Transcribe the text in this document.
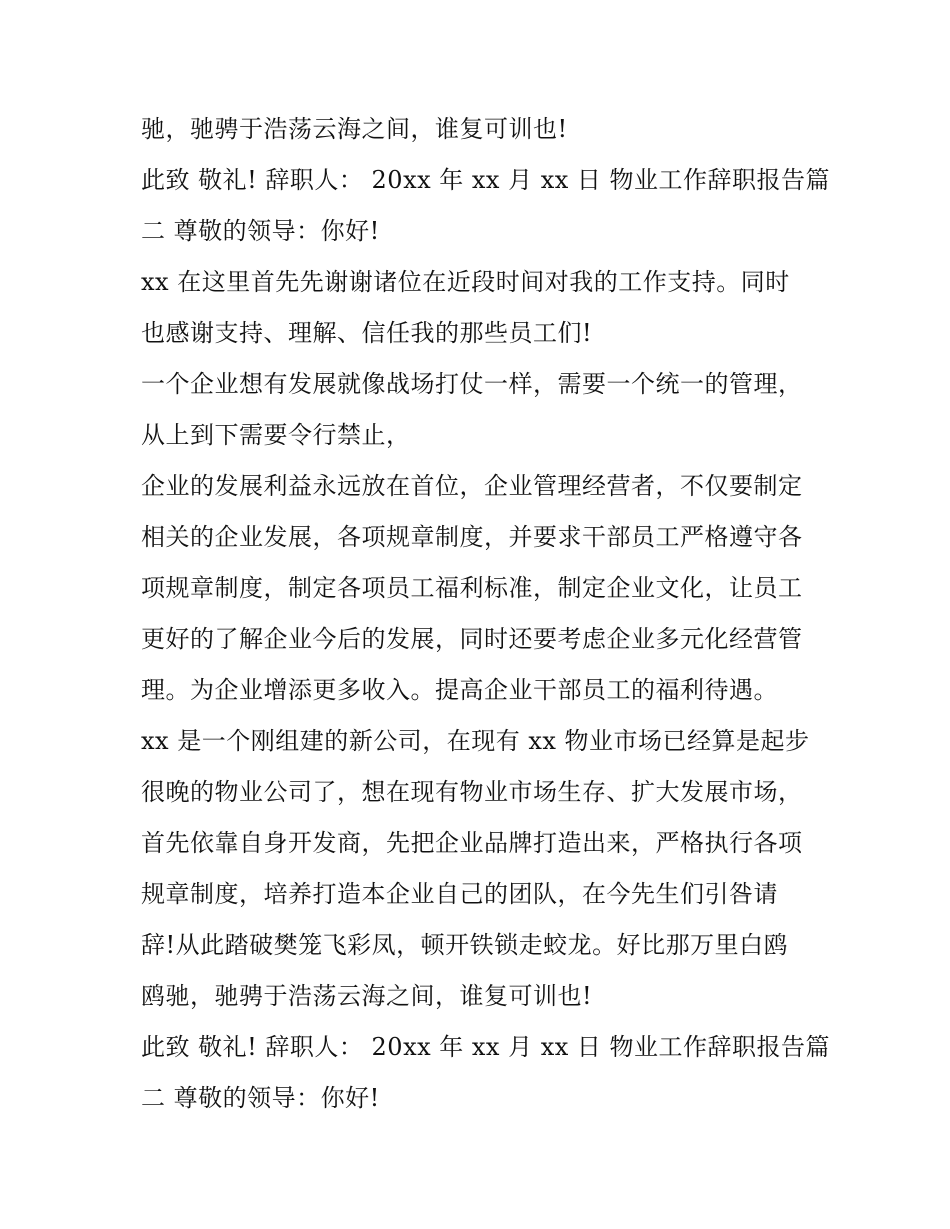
驰，驰骋于浩荡云海之间，谁复可训也!
此致 敬礼! 辞职人： 20xx 年 xx 月 xx 日 物业工作辞职报告篇
二 尊敬的领导：你好!
xx 在这里首先先谢谢诸位在近段时间对我的工作支持。同时
也感谢支持、理解、信任我的那些员工们!
一个企业想有发展就像战场打仗一样，需要一个统一的管理，
从上到下需要令行禁止，
企业的发展利益永远放在首位，企业管理经营者，不仅要制定
相关的企业发展，各项规章制度，并要求干部员工严格遵守各
项规章制度，制定各项员工福利标准，制定企业文化，让员工
更好的了解企业今后的发展，同时还要考虑企业多元化经营管
理。为企业增添更多收入。提高企业干部员工的福利待遇。
xx 是一个刚组建的新公司，在现有 xx 物业市场已经算是起步
很晚的物业公司了，想在现有物业市场生存、扩大发展市场，
首先依靠自身开发商，先把企业品牌打造出来，严格执行各项
规章制度，培养打造本企业自己的团队，在今先生们引咎请
辞!从此踏破樊笼飞彩凤，顿开铁锁走蛟龙。好比那万里白鸥
鸥驰，驰骋于浩荡云海之间，谁复可训也!
此致 敬礼! 辞职人： 20xx 年 xx 月 xx 日 物业工作辞职报告篇
二 尊敬的领导：你好!
